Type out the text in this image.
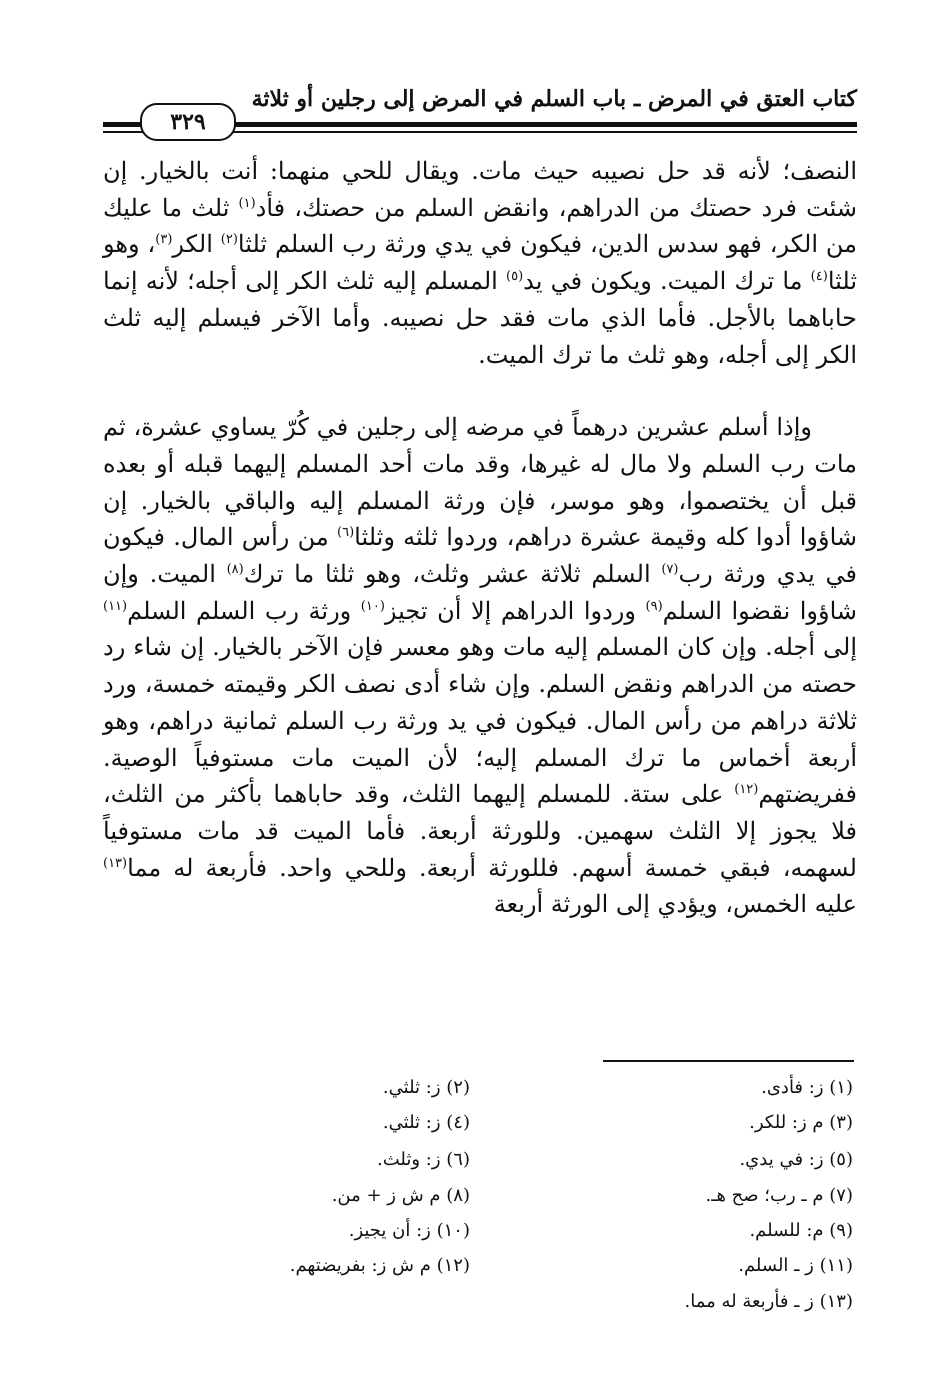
كتاب العتق في المرض ـ باب السلم في المرض إلى رجلين أو ثلاثة
٣٢٩

النصف؛ لأنه قد حل نصيبه حيث مات. ويقال للحي منهما: أنت بالخيار. إن شئت فرد حصتك من الدراهم، وانقض السلم من حصتك، فأد$^{(١)}$ ثلث ما عليك من الكر، فهو سدس الدين، فيكون في يدي ورثة رب السلم ثلثا$^{(٢)}$ الكر$^{(٣)}$، وهو ثلثا$^{(٤)}$ ما ترك الميت. ويكون في يد$^{(٥)}$ المسلم إليه ثلث الكر إلى أجله؛ لأنه إنما حاباهما بالأجل. فأما الذي مات فقد حل نصيبه. وأما الآخر فيسلم إليه ثلث الكر إلى أجله، وهو ثلث ما ترك الميت.

وإذا أسلم عشرين درهماً في مرضه إلى رجلين في كُرّ يساوي عشرة، ثم مات رب السلم ولا مال له غيرها، وقد مات أحد المسلم إليهما قبله أو بعده قبل أن يختصموا، وهو موسر، فإن ورثة المسلم إليه والباقي بالخيار. إن شاؤوا أدوا كله وقيمة عشرة دراهم، وردوا ثلثه وثلثا$^{(٦)}$ من رأس المال. فيكون في يدي ورثة رب$^{(٧)}$ السلم ثلاثة عشر وثلث، وهو ثلثا ما ترك$^{(٨)}$ الميت. وإن شاؤوا نقضوا السلم$^{(٩)}$ وردوا الدراهم إلا أن تجيز$^{(١٠)}$ ورثة رب السلم السلم$^{(١١)}$ إلى أجله. وإن كان المسلم إليه مات وهو معسر فإن الآخر بالخيار. إن شاء رد حصته من الدراهم ونقض السلم. وإن شاء أدى نصف الكر وقيمته خمسة، ورد ثلاثة دراهم من رأس المال. فيكون في يد ورثة رب السلم ثمانية دراهم، وهو أربعة أخماس ما ترك المسلم إليه؛ لأن الميت مات مستوفياً الوصية. ففريضتهم$^{(١٢)}$ على ستة. للمسلم إليهما الثلث، وقد حاباهما بأكثر من الثلث، فلا يجوز إلا الثلث سهمين. وللورثة أربعة. فأما الميت قد مات مستوفياً لسهمه، فبقي خمسة أسهم. فللورثة أربعة. وللحي واحد. فأربعة له مما$^{(١٣)}$ عليه الخمس، ويؤدي إلى الورثة أربعة

(١) ز: فأدى.
(٢) ز: ثلثي.
(٣) م ز: للكر.
(٤) ز: ثلثي.
(٥) ز: في يدي.
(٦) ز: وثلث.
(٧) م ـ رب؛ صح هـ.
(٨) م ش ز + من.
(٩) م: للسلم.
(١٠) ز: أن يجيز.
(١١) ز ـ السلم.
(١٢) م ش ز: بفريضتهم.
(١٣) ز ـ فأربعة له مما.
